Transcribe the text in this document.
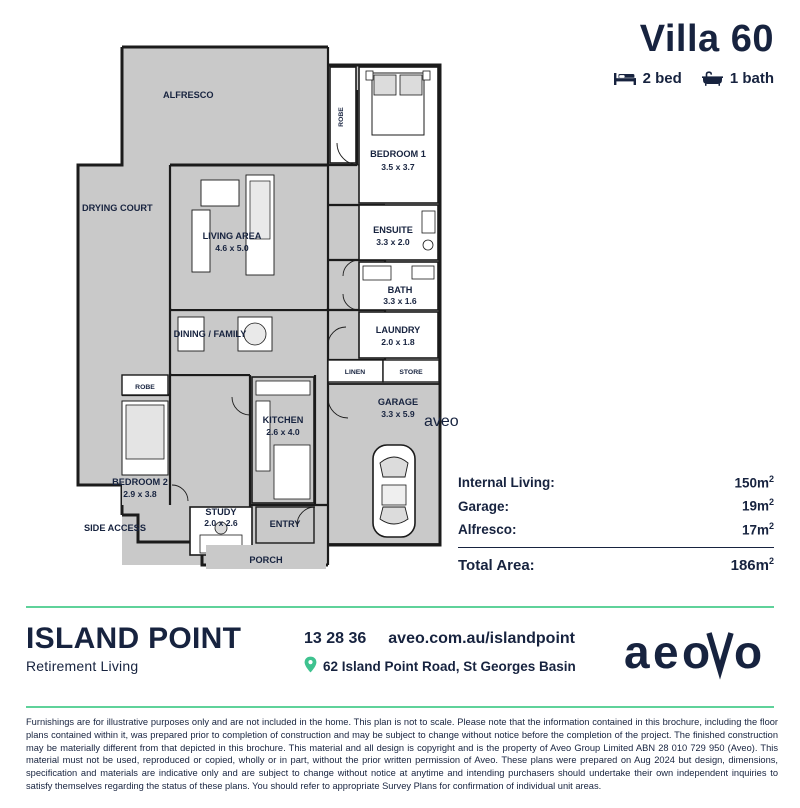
Villa 60
2 bed	1 bath
ALFRESCO
DRYING COURT
ROBE
BEDROOM 1
3.5 x 3.7
ENSUITE
3.3 x 2.0
BATH
3.3 x 1.6
LIVING AREA
4.6 x 5.0
DINING / FAMILY	LAUNDRY
2.0 x 1.8
LINEN	STORE
GARAGE
3.3 x 5.9
ROBE
KITCHEN
2.6 x 4.0
BEDROOM 2
2.9 x 3.8
STUDY
2.0 x 2.6	ENTRY
SIDE ACCESS
PORCH
Internal Living:	$150m^2$
Garage:	$19m^2$
Alfresco:	$17m^2$
Total Area:	$186m^2$
ISLAND POINT
Retirement Living
13 28 36 aveo.com.au/islandpoint
62 Island Point Road, St Georges Basin a e o o
aveo
Furnishings are for illustrative purposes only and are not included in the home. This plan is not to scale. Please note that the information contained in this brochure, including the floor plans contained within it, was prepared prior to completion of construction and may be subject to change without notice before the completion of the project. The finished construction may be materially different from that depicted in this brochure. This material and all design is copyright and is the property of Aveo Group Limited ABN 28 010 729 950 (Aveo). This material must not be used, reproduced or copied, wholly or in part, without the prior written permission of Aveo. These plans were prepared on Aug 2024 but design, dimensions, specification and materials are indicative only and are subject to change without notice at anytime and intending purchasers should undertake their own independent inquiries to satisfy themselves regarding the status of these plans. You should refer to appropriate Survey Plans for confirmation of individual unit areas.
